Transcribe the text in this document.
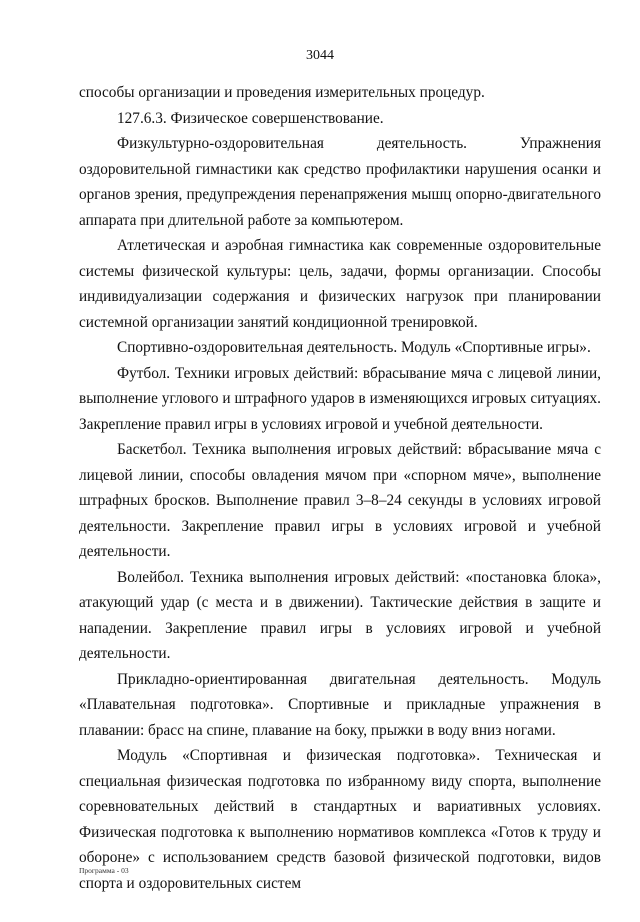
3044

способы организации и проведения измерительных процедур.

127.6.3. Физическое совершенствование.

Физкультурно-оздоровительная деятельность. Упражнения оздоровительной гимнастики как средство профилактики нарушения осанки и органов зрения, предупреждения перенапряжения мышц опорно-двигательного аппарата при длительной работе за компьютером.

Атлетическая и аэробная гимнастика как современные оздоровительные системы физической культуры: цель, задачи, формы организации. Способы индивидуализации содержания и физических нагрузок при планировании системной организации занятий кондиционной тренировкой.

Спортивно-оздоровительная деятельность. Модуль «Спортивные игры».

Футбол. Техники игровых действий: вбрасывание мяча с лицевой линии, выполнение углового и штрафного ударов в изменяющихся игровых ситуациях. Закрепление правил игры в условиях игровой и учебной деятельности.

Баскетбол. Техника выполнения игровых действий: вбрасывание мяча с лицевой линии, способы овладения мячом при «спорном мяче», выполнение штрафных бросков. Выполнение правил 3–8–24 секунды в условиях игровой деятельности. Закрепление правил игры в условиях игровой и учебной деятельности.

Волейбол. Техника выполнения игровых действий: «постановка блока», атакующий удар (с места и в движении). Тактические действия в защите и нападении. Закрепление правил игры в условиях игровой и учебной деятельности.

Прикладно-ориентированная двигательная деятельность. Модуль «Плавательная подготовка». Спортивные и прикладные упражнения в плавании: брасс на спине, плавание на боку, прыжки в воду вниз ногами.

Модуль «Спортивная и физическая подготовка». Техническая и специальная физическая подготовка по избранному виду спорта, выполнение соревновательных действий в стандартных и вариативных условиях. Физическая подготовка к выполнению нормативов комплекса «Готов к труду и обороне» с использованием средств базовой физической подготовки, видов спорта и оздоровительных систем

Программа - 03
